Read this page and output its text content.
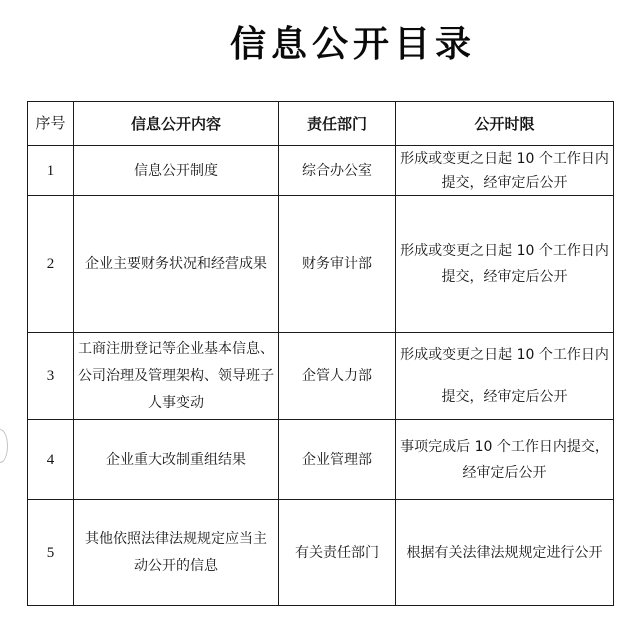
信息公开目录
序号	信息公开内容	责任部门	公开时限
1	信息公开制度	综合办公室	形成或变更之日起 10 个工作日内
提交，经审定后公开
2	企业主要财务状况和经营成果	财务审计部	形成或变更之日起 10 个工作日内
提交，经审定后公开
3	工商注册登记等企业基本信息、
公司治理及管理架构、领导班子
人事变动	企管人力部	形成或变更之日起 10 个工作日内
提交，经审定后公开
4	企业重大改制重组结果	企业管理部	事项完成后 10 个工作日内提交，
经审定后公开
5	其他依照法律法规规定应当主
动公开的信息	有关责任部门	根据有关法律法规规定进行公开
